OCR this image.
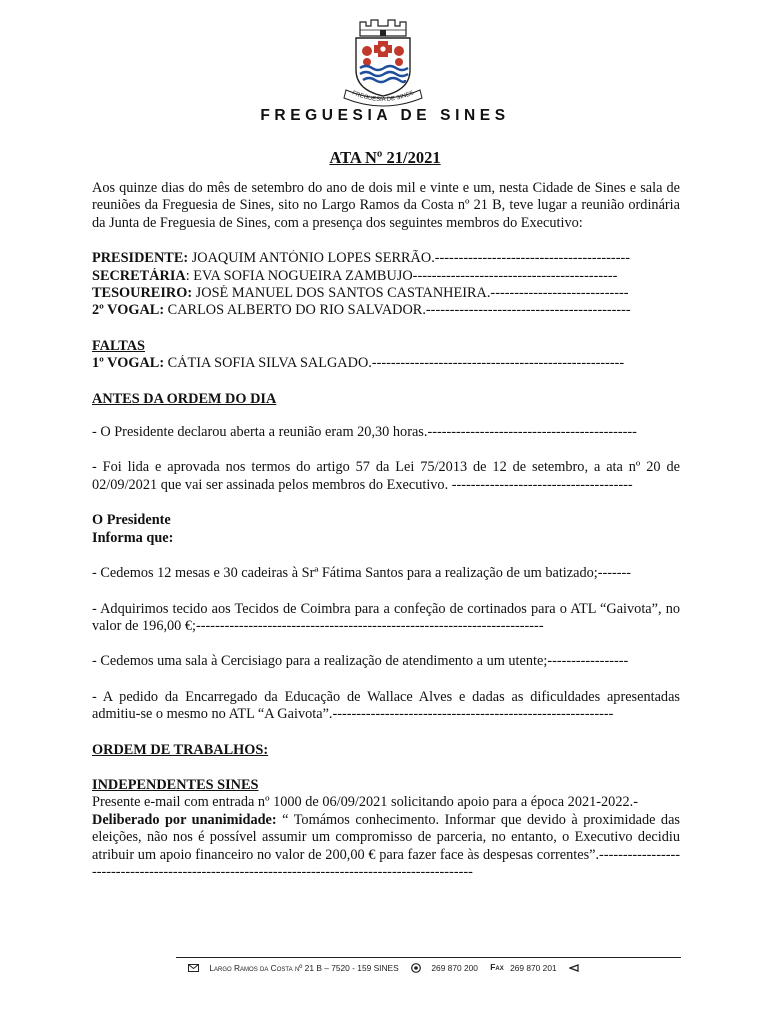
FREGUESIA DE SINES
FREGUESIA DE SINES
ATA Nº 21/2021

Aos quinze dias do mês de setembro do ano de dois mil e vinte e um, nesta Cidade de Sines e sala de reuniões da Freguesia de Sines, sito no Largo Ramos da Costa nº 21 B, teve lugar a reunião ordinária da Junta de Freguesia de Sines, com a presença dos seguintes membros do Executivo:

PRESIDENTE: JOAQUIM ANTÓNIO LOPES SERRÃO.-----------------------------------------

SECRETÁRIA: EVA SOFIA NOGUEIRA ZAMBUJO-------------------------------------------

TESOUREIRO: JOSÉ MANUEL DOS SANTOS CASTANHEIRA.-----------------------------

2º VOGAL: CARLOS ALBERTO DO RIO SALVADOR.-------------------------------------------

FALTAS

1º VOGAL: CÁTIA SOFIA SILVA SALGADO.-----------------------------------------------------

ANTES DA ORDEM DO DIA

- O Presidente declarou aberta a reunião eram 20,30 horas.--------------------------------------------

- Foi lida e aprovada nos termos do artigo 57 da Lei 75/2013 de 12 de setembro, a ata nº 20 de 02/09/2021 que vai ser assinada pelos membros do Executivo. --------------------------------------

O Presidente

Informa que:

- Cedemos 12 mesas e 30 cadeiras à Srª Fátima Santos para a realização de um batizado;-------

- Adquirimos tecido aos Tecidos de Coimbra para a confeção de cortinados para o ATL “Gaivota”, no valor de 196,00 €;-------------------------------------------------------------------------

- Cedemos uma sala à Cercisiago para a realização de atendimento a um utente;-----------------

- A pedido da Encarregado da Educação de Wallace Alves e dadas as dificuldades apresentadas admitiu-se o mesmo no ATL “A Gaivota”.-----------------------------------------------------------

ORDEM DE TRABALHOS:

INDEPENDENTES SINES

Presente e-mail com entrada nº 1000 de 06/09/2021 solicitando apoio para a época 2021-2022.-

Deliberado por unanimidade: “ Tomámos conhecimento. Informar que devido à proximidade das eleições, não nos é possível assumir um compromisso de parceria, no entanto, o Executivo decidiu atribuir um apoio financeiro no valor de 200,00 € para fazer face às despesas correntes”.-------------------------------------------------------------------------------------------------

Largo Ramos da Costa nº 21 B – 7520 - 159 SINES	269 870 200 Fax 269 870 201
